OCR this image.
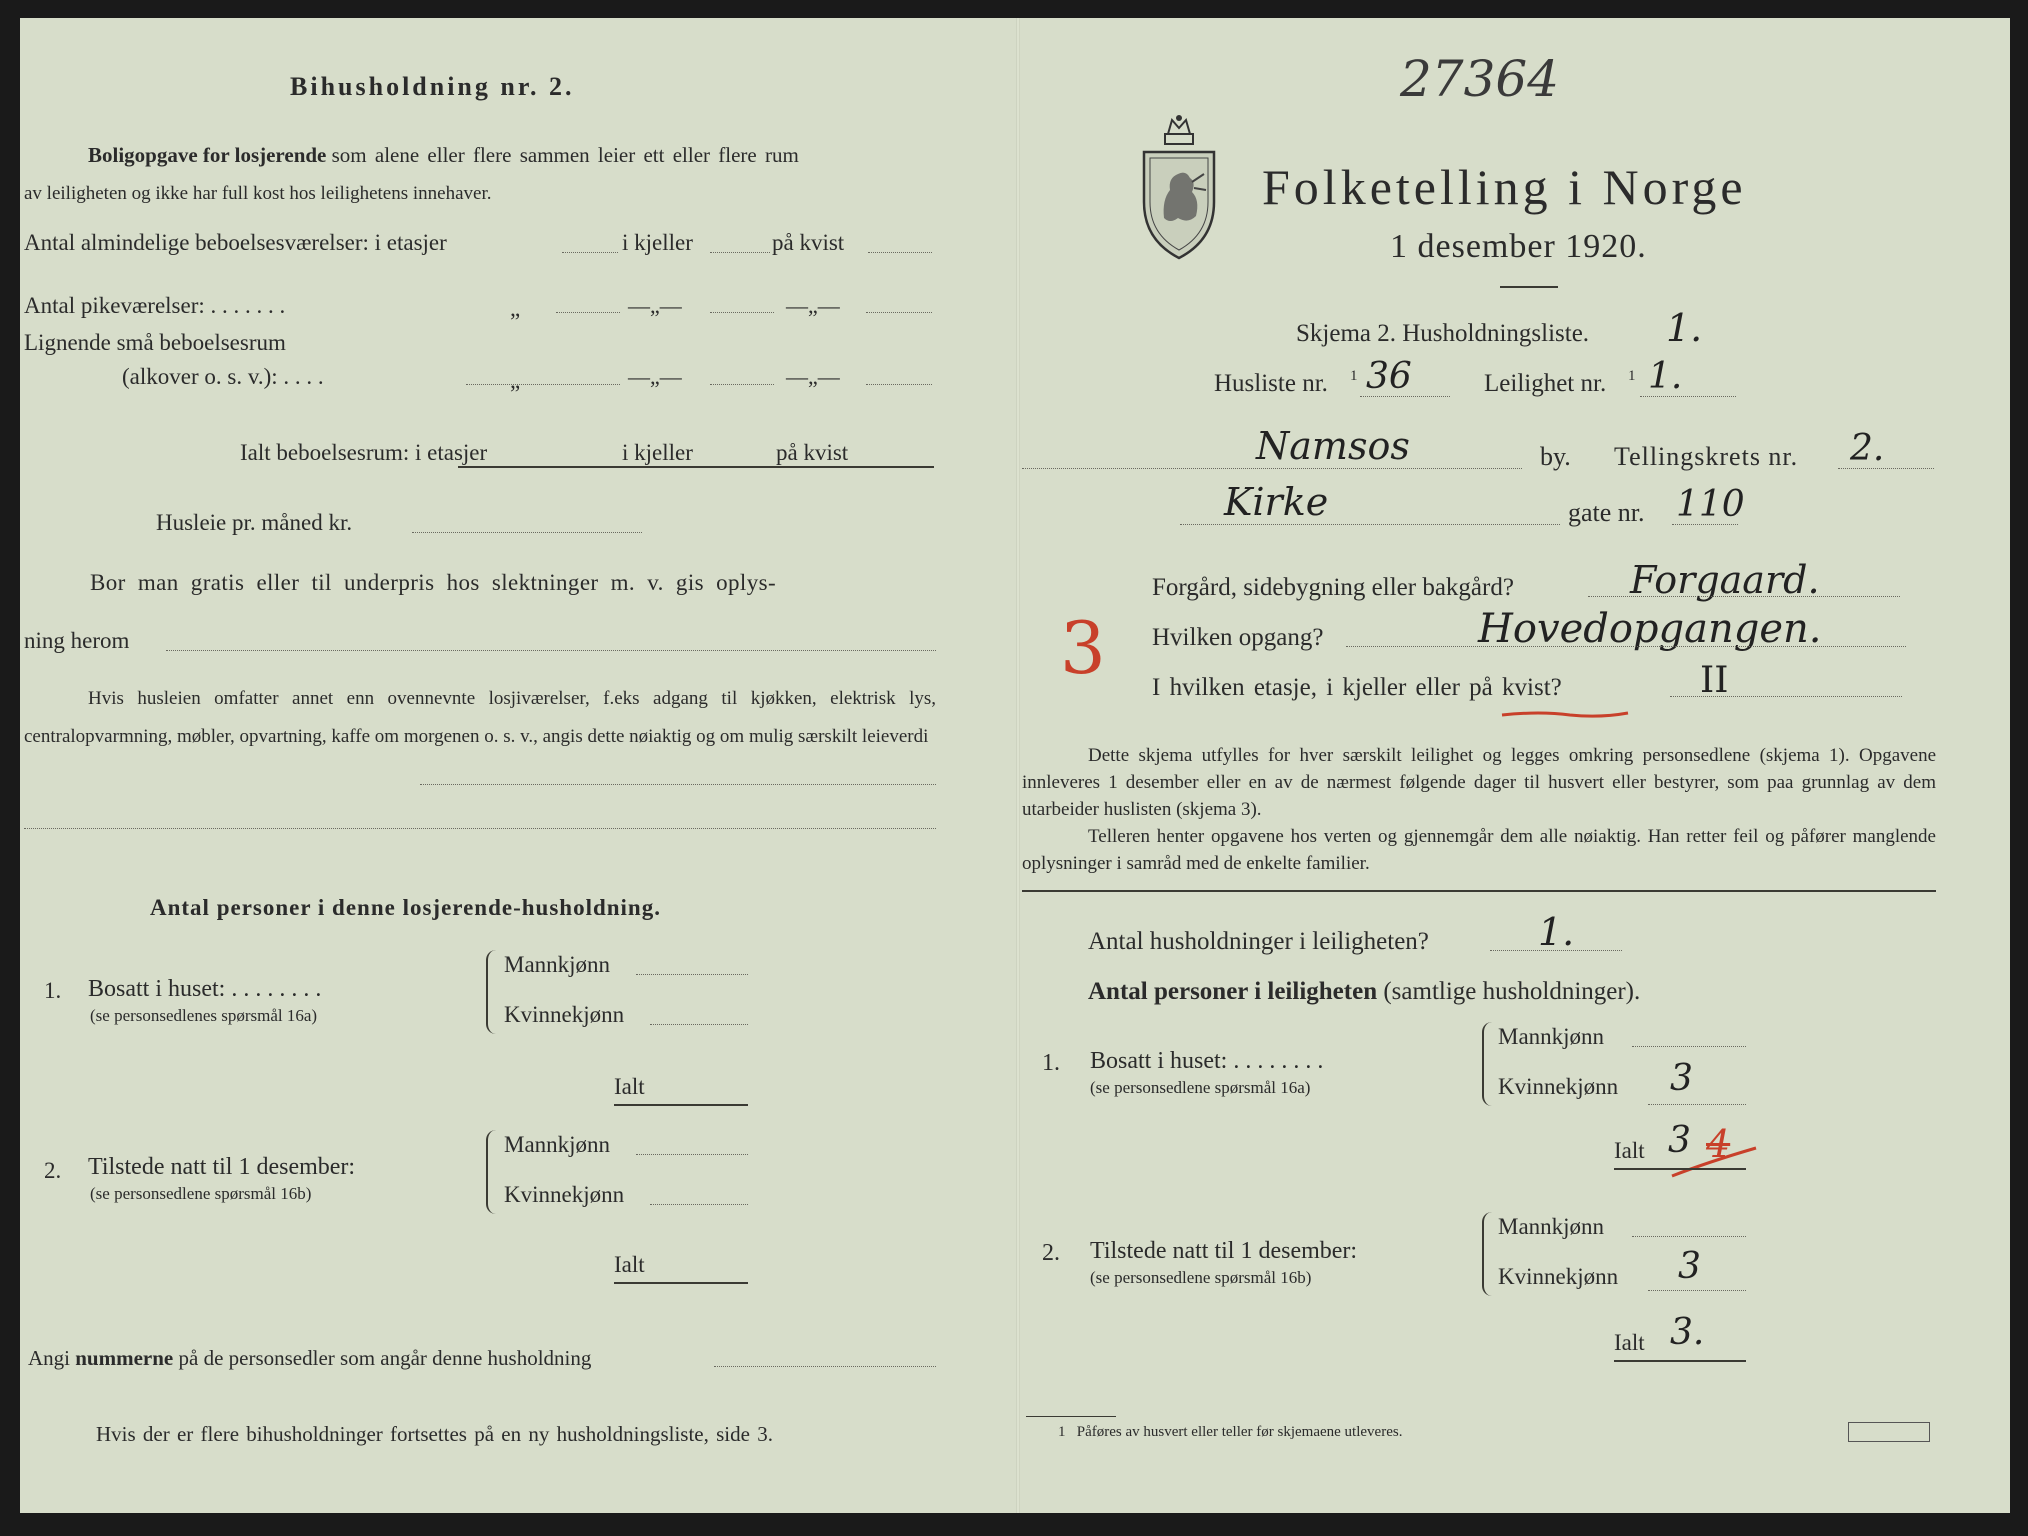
Bihusholdning nr. 2.
Boligopgave for losjerende som alene eller flere sammen leier ett eller flere rum
av leiligheten og ikke har full kost hos leilighetens innehaver.
Antal almindelige beboelsesværelser: i etasjer	i kjeller	på kvist
Antal pikeværelser: . . . . . . .	„	—„—	—„—
Lignende små beboelsesrum
(alkover o. s. v.): . . . .	„	—„—	—„—
Ialt beboelsesrum: i etasjer	i kjeller	på kvist
Husleie pr. måned kr.
Bor man gratis eller til underpris hos slektninger m. v. gis oplys-
ning herom
Hvis husleien omfatter annet enn ovennevnte losjiværelser, f.eks adgang til kjøkken, elektrisk lys, centralopvarmning, møbler, opvartning, kaffe om morgenen o. s. v., angis dette nøiaktig og om mulig særskilt leieverdi
Antal personer i denne losjerende-husholdning.
1. Bosatt i huset: . . . . . . . .
(se personsedlenes spørsmål 16a)
Mannkjønn
Kvinnekjønn
Ialt
2. Tilstede natt til 1 desember:
(se personsedlene spørsmål 16b)
Mannkjønn
Kvinnekjønn
Ialt
Angi nummerne på de personsedler som angår denne husholdning
Hvis der er flere bihusholdninger fortsettes på en ny husholdningsliste, side 3.
27364
Folketelling i Norge
1 desember 1920.
Skjema 2. Husholdningsliste. 1.
Husliste nr. 1 36	Leilighet nr. 1 1.
Namsos	by. Tellingskrets nr. 2.
Kirke	gate nr. 110
Forgård, sidebygning eller bakgård?	Forgaard.
3 Hvilken opgang?	Hovedopgangen.
I hvilken etasje, i kjeller eller på kvist?	II
Dette skjema utfylles for hver særskilt leilighet og legges omkring personsedlene (skjema 1). Opgavene innleveres 1 desember eller en av de nærmest følgende dager til husvert eller bestyrer, som paa grunnlag av dem utarbeider huslisten (skjema 3).
Telleren henter opgavene hos verten og gjennemgår dem alle nøiaktig. Han retter feil og påfører manglende oplysninger i samråd med de enkelte familier.
Antal husholdninger i leiligheten?	1.
Antal personer i leiligheten (samtlige husholdninger).
1. Bosatt i huset: . . . . . . . .
(se personsedlene spørsmål 16a)
Mannkjønn
Kvinnekjønn 3
Ialt 3 4
2. Tilstede natt til 1 desember:
(se personsedlene spørsmål 16b)
Mannkjønn
Kvinnekjønn 3
Ialt 3.
1 Påføres av husvert eller teller før skjemaene utleveres.
